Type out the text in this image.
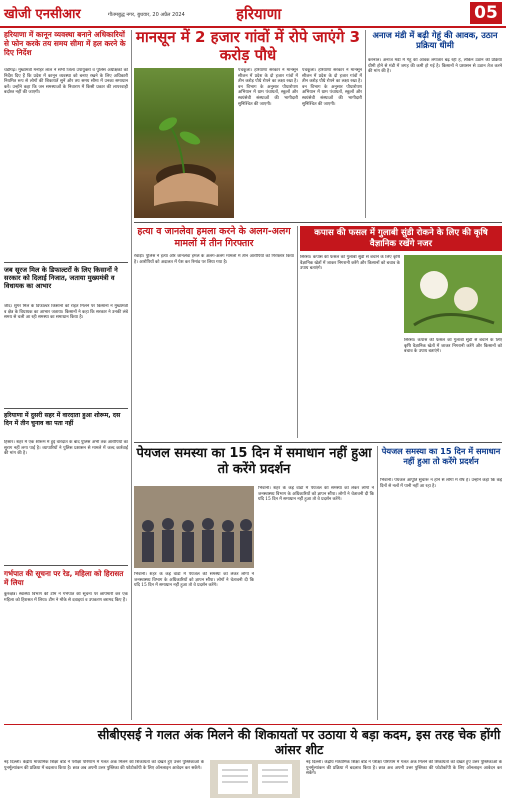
खोजी एनसीआर	गौतमबुद्ध नगर, बुधवार, 20 अप्रैल 2024	हरियाणा	05
हरियाणा में कानून व्यवस्था बनाने अधिकारियों से फोन करके तय समय सीमा में हल करने के दिए निर्देश
चंडीगढ़। मुख्यमंत्री मनोहर लाल ने सभी जिला उपायुक्तों व पुलिस अधीक्षकों को निर्देश दिए हैं कि प्रदेश में कानून व्यवस्था को बनाए रखने के लिए अधिकारी नियमित रूप से लोगों की शिकायतें सुनें और तय समय सीमा में उनका समाधान करें। उन्होंने कहा कि जन समस्याओं के निवारण में किसी प्रकार की लापरवाही बर्दाश्त नहीं की जाएगी।
जब सूरज मिल के डिफाल्टरों के लिए किसानों ने सरकार को दिलाई निजात, जताया मुख्यमंत्री व विधायक का आभार
जींद। शुगर मिल के डिफाल्टर किसानों को राहत मिलने पर किसानों ने मुख्यमंत्री व क्षेत्र के विधायक का आभार जताया। किसानों ने कहा कि सरकार ने उनकी लंबे समय से चली आ रही समस्या का समाधान किया है।
हरियाणा में दुसरी सहर में वारदाता हुआ शोरूम, दस दिन में तीन चुनाव का पता नहीं
हिसार। शहर में एक शोरूम में हुई वारदात के बाद पुलिस अभी तक आरोपियों का सुराग नहीं लगा पाई है। व्यापारियों ने पुलिस प्रशासन से मामले में जल्द कार्रवाई की मांग की है।
गर्भपात की सूचना पर रेड, महिला को हिरासत में लिया
कुरुक्षेत्र। स्वास्थ्य विभाग की टीम ने गर्भपात की सूचना पर छापेमारी कर एक महिला को हिरासत में लिया। टीम ने मौके से दवाइयां व उपकरण बरामद किए हैं।
मानसून में 2 हजार गांवों में रोपे जाएंगे 3 करोड़ पौधे
पंचकूला। हरियाणा सरकार ने मानसून सीजन में प्रदेश के दो हजार गांवों में तीन करोड़ पौधे रोपने का लक्ष्य रखा है। वन विभाग के अनुसार पौधारोपण अभियान में ग्राम पंचायतों, स्कूलों और स्वयंसेवी संस्थाओं की भागीदारी सुनिश्चित की जाएगी।
पंचकूला। हरियाणा सरकार ने मानसून सीजन में प्रदेश के दो हजार गांवों में तीन करोड़ पौधे रोपने का लक्ष्य रखा है। वन विभाग के अनुसार पौधारोपण अभियान में ग्राम पंचायतों, स्कूलों और स्वयंसेवी संस्थाओं की भागीदारी सुनिश्चित की जाएगी।
अनाज मंडी में बढ़ी गेहूं की आवक, उठान प्रक्रिया धीमी
करनाल। अनाज मंडी में गेहूं की आवक लगातार बढ़ रही है, लेकिन उठान की प्रक्रिया धीमी होने से मंडी में जगह की कमी हो गई है। किसानों ने प्रशासन से उठान तेज करने की मांग की है।
हत्या व जानलेवा हमला करने के अलग-अलग मामलों में तीन गिरफ्तार
रेवाड़ी। पुलिस ने हत्या और जानलेवा हमले के अलग-अलग मामलों में तीन आरोपियों को गिरफ्तार किया है। आरोपियों को अदालत में पेश कर रिमांड पर लिया गया है।
कपास की फसल में गुलाबी सुंडी रोकने के लिए की कृषि वैज्ञानिक रखेंगे नजर
सिरसा। कपास की फसल को गुलाबी सुंडी से बचाने के लिए कृषि वैज्ञानिक खेतों में जाकर निगरानी करेंगे और किसानों को बचाव के उपाय बताएंगे।
सिरसा। कपास की फसल को गुलाबी सुंडी से बचाने के लिए कृषि वैज्ञानिक खेतों में जाकर निगरानी करेंगे और किसानों को बचाव के उपाय बताएंगे।
पेयजल समस्या का 15 दिन में समाधान नहीं हुआ तो करेंगे प्रदर्शन
भिवानी। शहर के कई वार्डों में पेयजल की समस्या को लेकर लोगों ने जनस्वास्थ्य विभाग के अधिकारियों को ज्ञापन सौंपा। लोगों ने चेतावनी दी कि यदि 15 दिन में समाधान नहीं हुआ तो वे प्रदर्शन करेंगे।
भिवानी। शहर के कई वार्डों में पेयजल की समस्या को लेकर लोगों ने जनस्वास्थ्य विभाग के अधिकारियों को ज्ञापन सौंपा। लोगों ने चेतावनी दी कि यदि 15 दिन में समाधान नहीं हुआ तो वे प्रदर्शन करेंगे।
पेयजल समस्या का 15 दिन में समाधान नहीं हुआ तो करेंगे प्रदर्शन
भिवानी। पेयजल आपूर्ति सुचारू न होने से लोगों में रोष है। उन्होंने कहा कि कई दिनों से नलों में पानी नहीं आ रहा है।
सीबीएसई ने गलत अंक मिलने की शिकायतों पर उठाया ये बड़ा कदम, इस तरह चेक होंगी आंसर शीट
नई दिल्ली। केंद्रीय माध्यमिक शिक्षा बोर्ड ने परीक्षा परिणाम में गलत अंक मिलने की शिकायतों को देखते हुए उत्तर पुस्तिकाओं के पुनर्मूल्यांकन की प्रक्रिया में बदलाव किया है। छात्र अब अपनी उत्तर पुस्तिका की फोटोकॉपी के लिए ऑनलाइन आवेदन कर सकेंगे।
नई दिल्ली। केंद्रीय माध्यमिक शिक्षा बोर्ड ने परीक्षा परिणाम में गलत अंक मिलने की शिकायतों को देखते हुए उत्तर पुस्तिकाओं के पुनर्मूल्यांकन की प्रक्रिया में बदलाव किया है। छात्र अब अपनी उत्तर पुस्तिका की फोटोकॉपी के लिए ऑनलाइन आवेदन कर सकेंगे।
